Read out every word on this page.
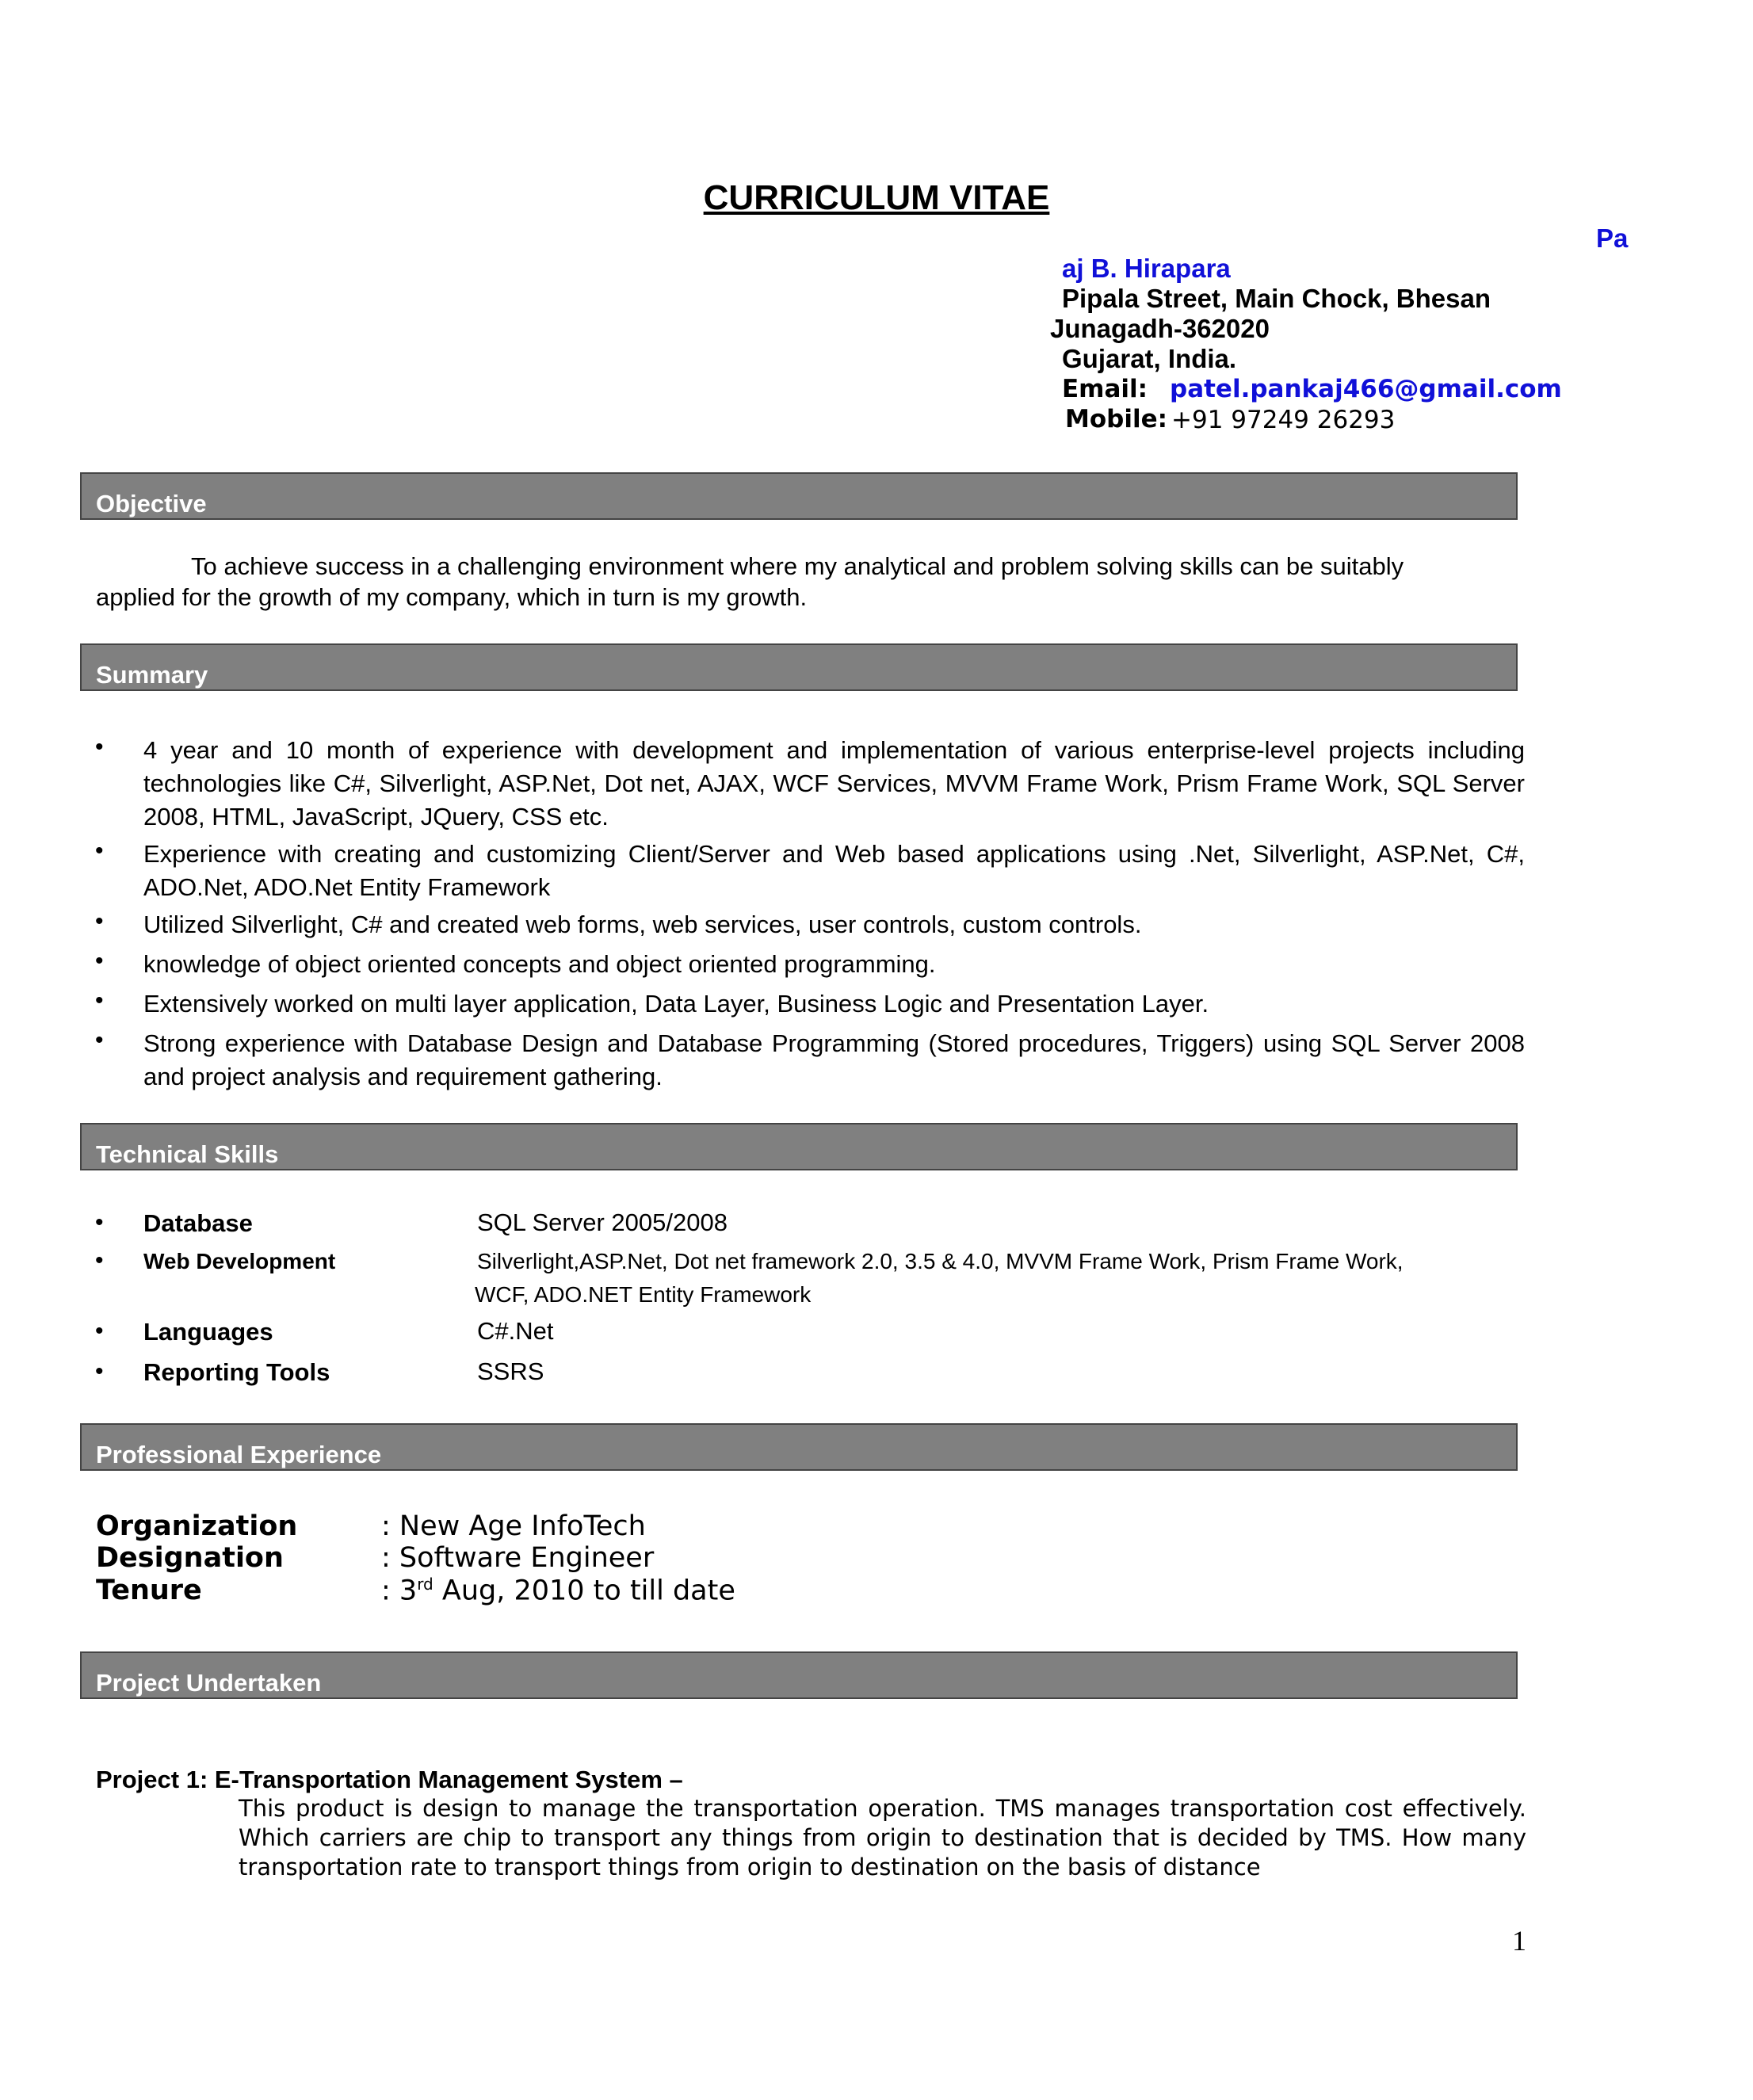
CURRICULUM VITAE
Pa
aj B. Hirapara
Pipala Street, Main Chock, Bhesan
Junagadh-362020
Gujarat, India.
Email: patel.pankaj466@gmail.com
Mobile: +91 97249 26293
Objective
To achieve success in a challenging environment where my analytical and problem solving skills can be suitably
applied for the growth of my company, which in turn is my growth.
Summary
• 4 year and 10 month of experience with development and implementation of various enterprise-level projects including technologies like C#, Silverlight, ASP.Net, Dot net, AJAX, WCF Services, MVVM Frame Work, Prism Frame Work, SQL Server 2008, HTML, JavaScript, JQuery, CSS etc.
• Experience with creating and customizing Client/Server and Web based applications using .Net, Silverlight, ASP.Net, C#, ADO.Net, ADO.Net Entity Framework
• Utilized Silverlight, C# and created web forms, web services, user controls, custom controls.
• knowledge of object oriented concepts and object oriented programming.
• Extensively worked on multi layer application, Data Layer, Business Logic and Presentation Layer.
• Strong experience with Database Design and Database Programming (Stored procedures, Triggers) using SQL Server 2008 and project analysis and requirement gathering.
Technical Skills
• Database	SQL Server 2005/2008
• Web Development	Silverlight,ASP.Net, Dot net framework 2.0, 3.5 & 4.0, MVVM Frame Work, Prism Frame Work,
WCF, ADO.NET Entity Framework
• Languages	C#.Net
• Reporting Tools	SSRS
Professional Experience
Organization	: New Age InfoTech
Designation	: Software Engineer
Tenure	: 3rd Aug, 2010 to till date
Project Undertaken
Project 1: E-Transportation Management System –
This product is design to manage the transportation operation. TMS manages transportation cost effectively. Which carriers are chip to transport any things from origin to destination that is decided by TMS. How many transportation rate to transport things from origin to destination on the basis of distance
1
